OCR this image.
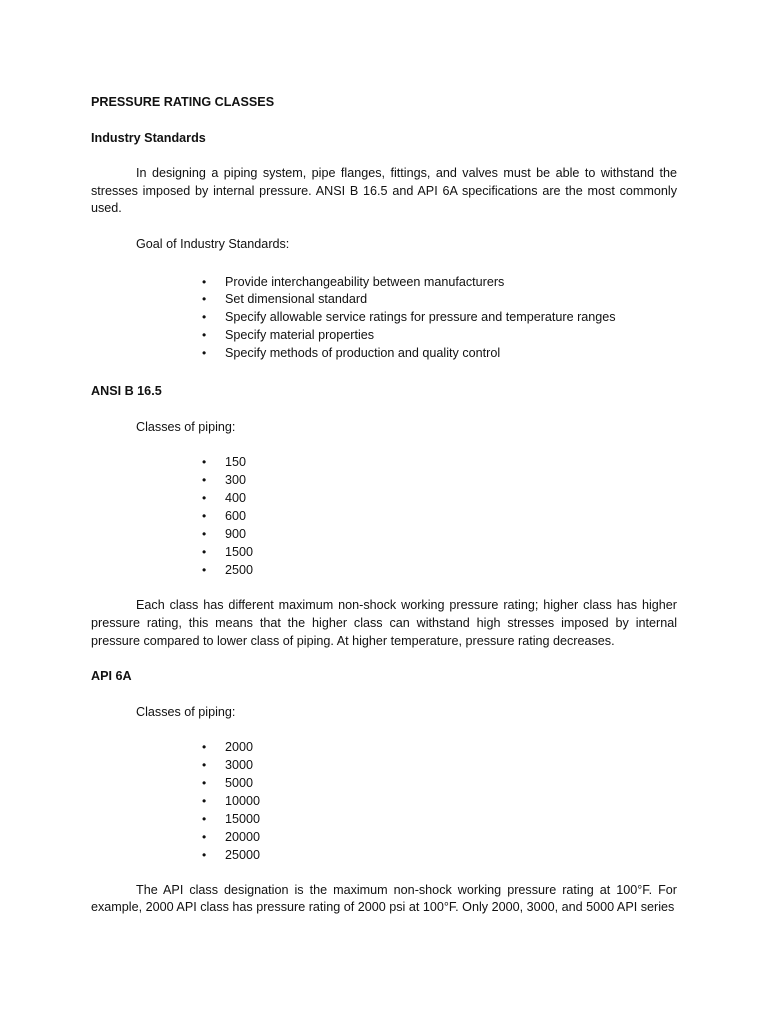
PRESSURE RATING CLASSES

Industry Standards

In designing a piping system, pipe flanges, fittings, and valves must be able to withstand the stresses imposed by internal pressure. ANSI B 16.5 and API 6A specifications are the most commonly used.

Goal of Industry Standards:

• Provide interchangeability between manufacturers
• Set dimensional standard
• Specify allowable service ratings for pressure and temperature ranges
• Specify material properties
• Specify methods of production and quality control

ANSI B 16.5

Classes of piping:

• 150
• 300
• 400
• 600
• 900
• 1500
• 2500

Each class has different maximum non-shock working pressure rating; higher class has higher pressure rating, this means that the higher class can withstand high stresses imposed by internal pressure compared to lower class of piping. At higher temperature, pressure rating decreases.

API 6A

Classes of piping:

• 2000
• 3000
• 5000
• 10000
• 15000
• 20000
• 25000

The API class designation is the maximum non-shock working pressure rating at 100°F. For example, 2000 API class has pressure rating of 2000 psi at 100°F. Only 2000, 3000, and 5000 API series
